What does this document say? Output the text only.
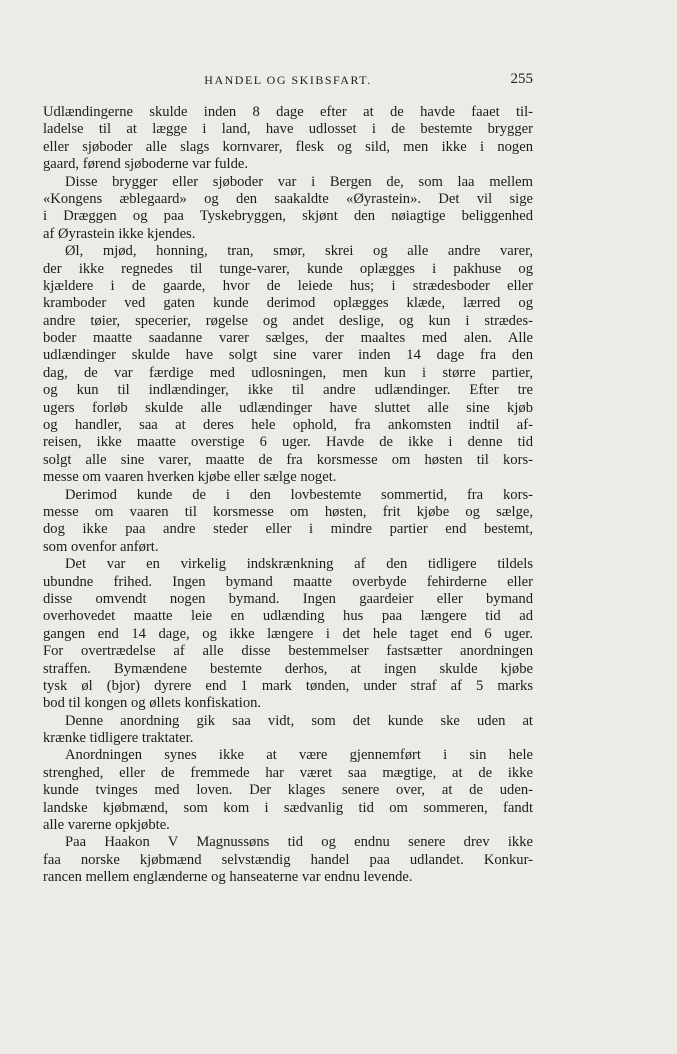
HANDEL OG SKIBSFART.	255
Udlændingerne skulde inden 8 dage efter at de havde faaet til-
ladelse til at lægge i land, have udlosset i de bestemte brygger
eller sjøboder alle slags kornvarer, flesk og sild, men ikke i nogen
gaard, førend sjøboderne var fulde.
Disse brygger eller sjøboder var i Bergen de, som laa mellem
«Kongens æblegaard» og den saakaldte «Øyrastein». Det vil sige
i Dræggen og paa Tyskebryggen, skjønt den nøiagtige beliggenhed
af Øyrastein ikke kjendes.
Øl, mjød, honning, tran, smør, skrei og alle andre varer,
der ikke regnedes til tunge-varer, kunde oplægges i pakhuse og
kjældere i de gaarde, hvor de leiede hus; i strædesboder eller
kramboder ved gaten kunde derimod oplægges klæde, lærred og
andre tøier, specerier, røgelse og andet deslige, og kun i strædes-
boder maatte saadanne varer sælges, der maaltes med alen. Alle
udlændinger skulde have solgt sine varer inden 14 dage fra den
dag, de var færdige med udlosningen, men kun i større partier,
og kun til indlændinger, ikke til andre udlændinger. Efter tre
ugers forløb skulde alle udlændinger have sluttet alle sine kjøb
og handler, saa at deres hele ophold, fra ankomsten indtil af-
reisen, ikke maatte overstige 6 uger. Havde de ikke i denne tid
solgt alle sine varer, maatte de fra korsmesse om høsten til kors-
messe om vaaren hverken kjøbe eller sælge noget.
Derimod kunde de i den lovbestemte sommertid, fra kors-
messe om vaaren til korsmesse om høsten, frit kjøbe og sælge,
dog ikke paa andre steder eller i mindre partier end bestemt,
som ovenfor anført.
Det var en virkelig indskrænkning af den tidligere tildels
ubundne frihed. Ingen bymand maatte overbyde fehirderne eller
disse omvendt nogen bymand. Ingen gaardeier eller bymand
overhovedet maatte leie en udlænding hus paa længere tid ad
gangen end 14 dage, og ikke længere i det hele taget end 6 uger.
For overtrædelse af alle disse bestemmelser fastsætter anordningen
straffen. Bymændene bestemte derhos, at ingen skulde kjøbe
tysk øl (bjor) dyrere end 1 mark tønden, under straf af 5 marks
bod til kongen og øllets konfiskation.
Denne anordning gik saa vidt, som det kunde ske uden at
krænke tidligere traktater.
Anordningen synes ikke at være gjennemført i sin hele
strenghed, eller de fremmede har været saa mægtige, at de ikke
kunde tvinges med loven. Der klages senere over, at de uden-
landske kjøbmænd, som kom i sædvanlig tid om sommeren, fandt
alle varerne opkjøbte.
Paa Haakon V Magnussøns tid og endnu senere drev ikke
faa norske kjøbmænd selvstændig handel paa udlandet. Konkur-
rancen mellem englænderne og hanseaterne var endnu levende.
